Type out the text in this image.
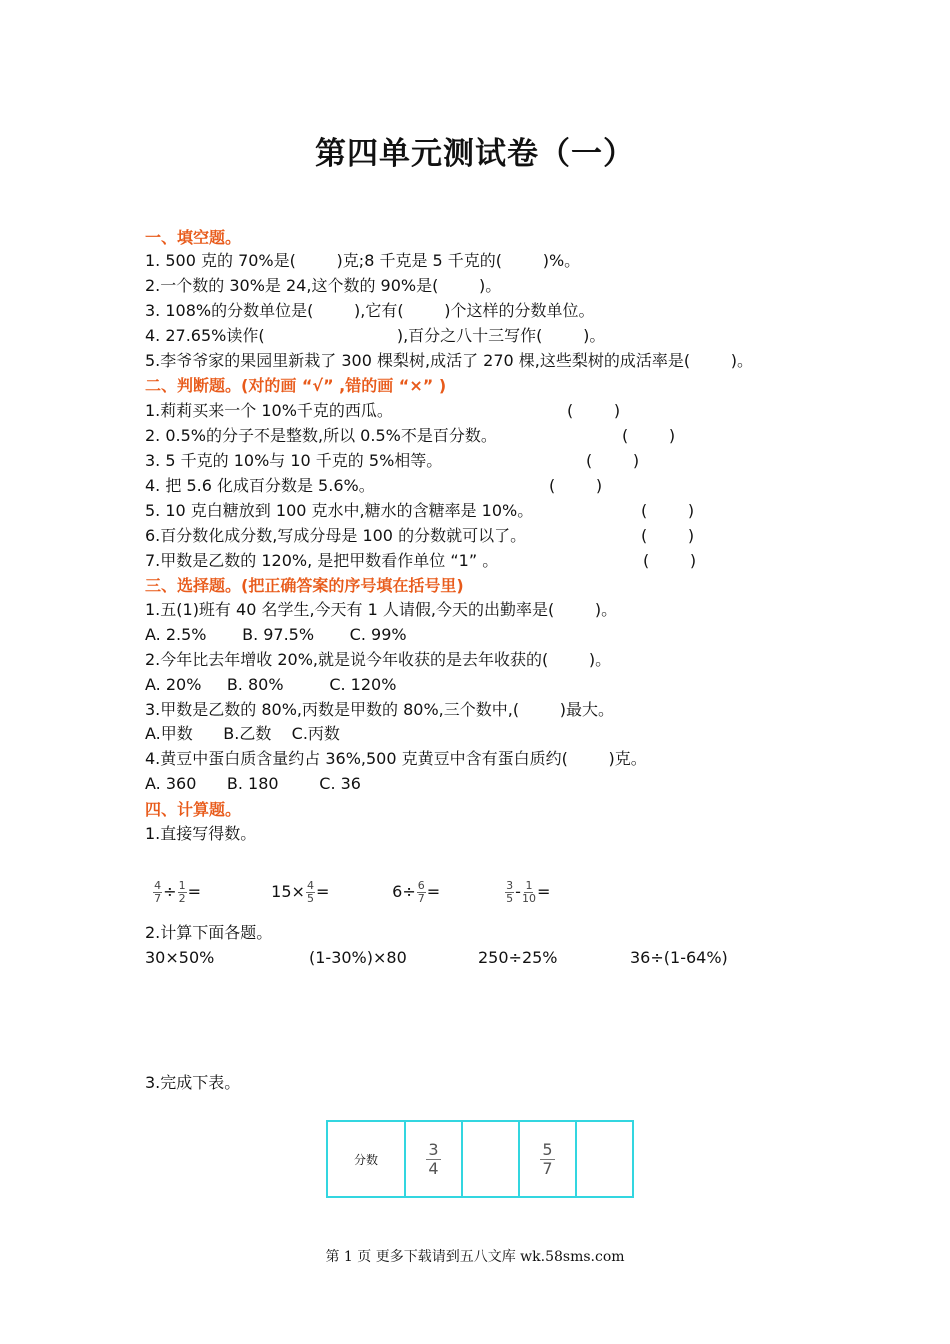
第四单元测试卷（一）
一、填空题。
1. 500 克的 70%是(        )克;8 千克是 5 千克的(        )%。
2.一个数的 30%是 24,这个数的 90%是(        )。
3. 108%的分数单位是(        ),它有(        )个这样的分数单位。
4. 27.65%读作(                          ),百分之八十三写作(        )。
5.李爷爷家的果园里新栽了 300 棵梨树,成活了 270 棵,这些梨树的成活率是(        )。
二、判断题。(对的画 “√” ,错的画 “×” )
1.莉莉买来一个 10%千克的西瓜。	(        )
2. 0.5%的分子不是整数,所以 0.5%不是百分数。	(        )
3. 5 千克的 10%与 10 千克的 5%相等。	(        )
4. 把 5.6 化成百分数是 5.6%。	(        )
5. 10 克白糖放到 100 克水中,糖水的含糖率是 10%。	(        )
6.百分数化成分数,写成分母是 100 的分数就可以了。	(        )
7.甲数是乙数的 120%, 是把甲数看作单位 “1” 。	(        )
三、选择题。(把正确答案的序号填在括号里)
1.五(1)班有 40 名学生,今天有 1 人请假,今天的出勤率是(        )。
A. 2.5%       B. 97.5%       C. 99%
2.今年比去年增收 20%,就是说今年收获的是去年收获的(        )。
A. 20%     B. 80%         C. 120%
3.甲数是乙数的 80%,丙数是甲数的 80%,三个数中,(        )最大。
A.甲数      B.乙数    C.丙数
4.黄豆中蛋白质含量约占 36%,500 克黄豆中含有蛋白质约(        )克。
A. 360      B. 180        C. 36
四、计算题。
1.直接写得数。

$\frac{4}{7} \div \frac{1}{2}$ =	$15\times \frac{4}{5}$ =	$6\div \frac{6}{7}$ =

	$\frac{3}{5} - \frac{1}{10}$ =

2.计算下面各题。
30×50%	(1-30%)×80	250÷25%	36÷(1-64%)
3.完成下表。
分数	$\frac{3}{4}$		$\frac{5}{7}$

第 1 页 更多下载请到五八文库 wk.58sms.com
